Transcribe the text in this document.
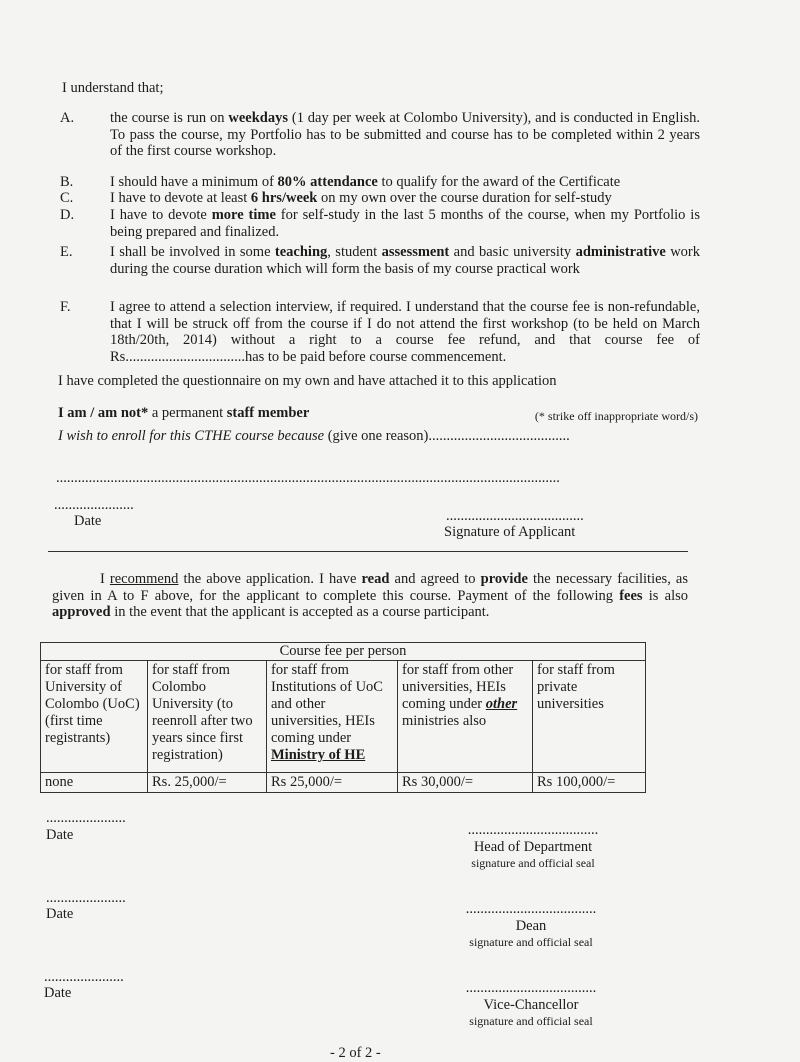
I understand that;
A.	the course is run on weekdays (1 day per week at Colombo University), and is conducted in English. To pass the course, my Portfolio has to be submitted and course has to be completed within 2 years of the first course workshop.
B.	I should have a minimum of 80% attendance to qualify for the award of the Certificate
C.	I have to devote at least 6 hrs/week on my own over the course duration for self-study
D.	I have to devote more time for self-study in the last 5 months of the course, when my Portfolio is being prepared and finalized.
E.	I shall be involved in some teaching, student assessment and basic university administrative work during the course duration which will form the basis of my course practical work
F.	I agree to attend a selection interview, if required. I understand that the course fee is non-refundable, that I will be struck off from the course if I do not attend the first workshop (to be held on March 18th/20th, 2014) without a right to a course fee refund, and that course fee of Rs.................................has to be paid before course commencement.
I have completed the questionnaire on my own and have attached it to this application
I am / am not* a permanent staff member	(* strike off inappropriate word/s)
I wish to enroll for this CTHE course because (give one reason).......................................
...........................................................................................................................................
......................
Date	......................................
Signature of Applicant
I recommend the above application. I have read and agreed to provide the necessary facilities, as given in A to F above, for the applicant to complete this course. Payment of the following fees is also approved in the event that the applicant is accepted as a course participant.
Course fee per person				
for staff from University of Colombo (UoC) (first time registrants)	for staff from Colombo University (to reenroll after two years since first registration)	for staff from Institutions of UoC and other universities, HEIs coming under Ministry of HE	for staff from other universities, HEIs coming under other ministries also	for staff from private universities
none	Rs. 25,000/=	Rs 25,000/=	Rs 30,000/=	Rs 100,000/=
......................
Date	....................................
Head of Department
signature and official seal
......................
Date	....................................
Dean
signature and official seal
......................
Date	....................................
Vice-Chancellor
signature and official seal
- 2 of 2 -
